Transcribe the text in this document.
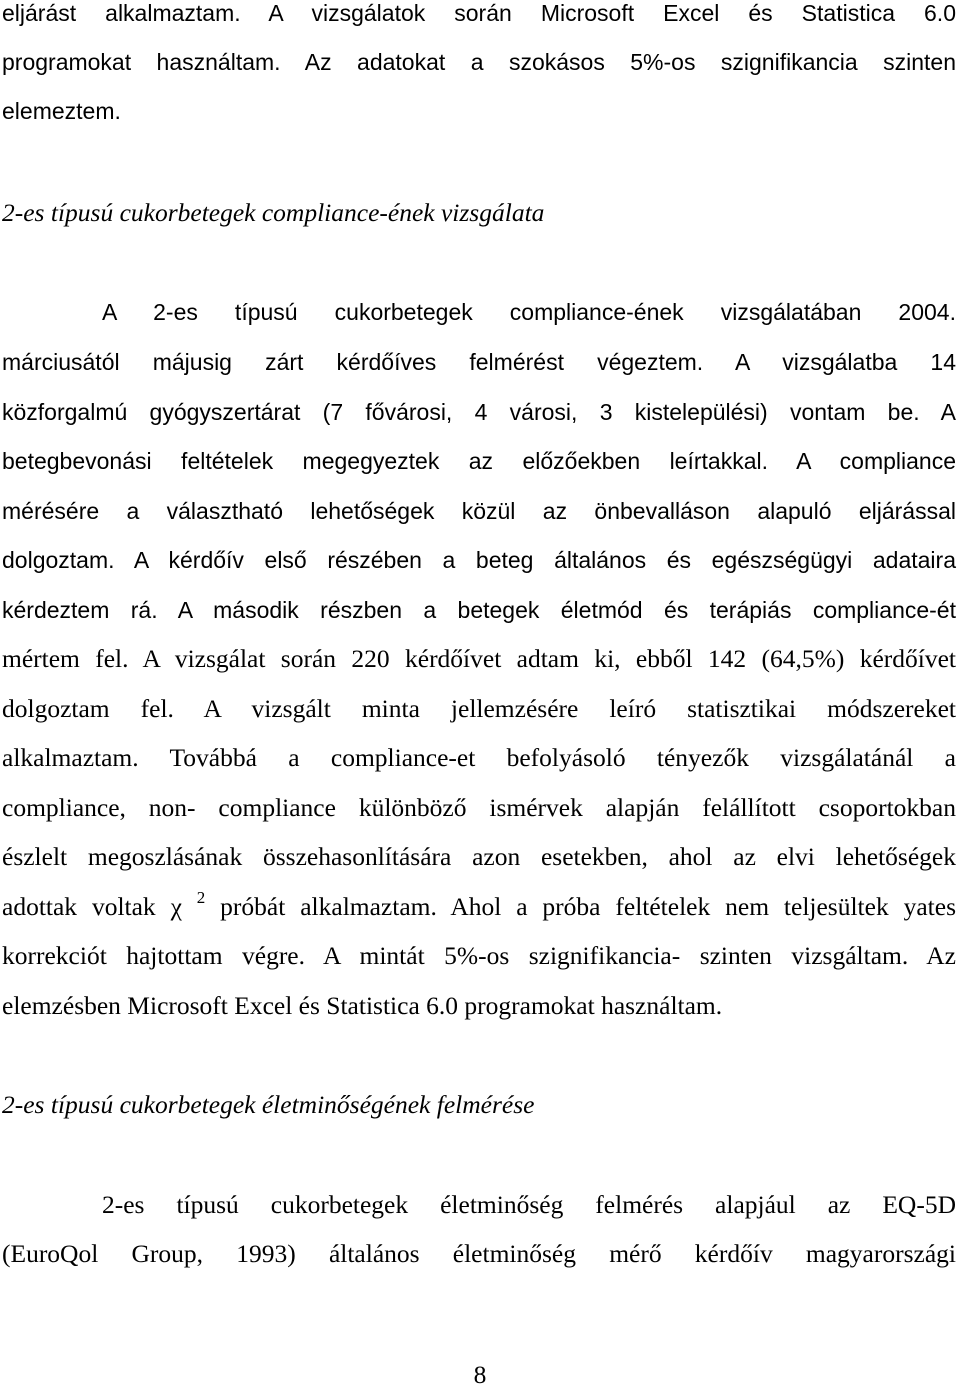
eljárást alkalmaztam. A vizsgálatok során Microsoft Excel és Statistica 6.0
programokat használtam. Az adatokat a szokásos 5%-os szignifikancia szinten
elemeztem.
2-es típusú cukorbetegek compliance-ének vizsgálata
A 2-es típusú cukorbetegek compliance-ének vizsgálatában 2004.
márciusától májusig zárt kérdőíves felmérést végeztem. A vizsgálatba 14
közforgalmú gyógyszertárat (7 fővárosi, 4 városi, 3 kistelepülési) vontam be. A
betegbevonási feltételek megegyeztek az előzőekben leírtakkal. A compliance
mérésére a választható lehetőségek közül az önbevalláson alapuló eljárással
dolgoztam. A kérdőív első részében a beteg általános és egészségügyi adataira
kérdeztem rá. A második részben a betegek életmód és terápiás compliance-ét
mértem fel. A vizsgálat során 220 kérdőívet adtam ki, ebből 142 (64,5%) kérdőívet
dolgoztam fel. A vizsgált minta jellemzésére leíró statisztikai módszereket
alkalmaztam. Továbbá a compliance-et befolyásoló tényezők vizsgálatánál a
compliance, non- compliance különböző ismérvek alapján felállított csoportokban
észlelt megoszlásának összehasonlítására azon esetekben, ahol az elvi lehetőségek
adottak voltak χ $^2$ próbát alkalmaztam. Ahol a próba feltételek nem teljesültek yates
korrekciót hajtottam végre. A mintát 5%-os szignifikancia- szinten vizsgáltam. Az
elemzésben Microsoft Excel és Statistica 6.0 programokat használtam.
2-es típusú cukorbetegek életminőségének felmérése
2-es típusú cukorbetegek életminőség felmérés alapjául az EQ-5D
(EuroQol Group, 1993) általános életminőség mérő kérdőív magyarországi
8
